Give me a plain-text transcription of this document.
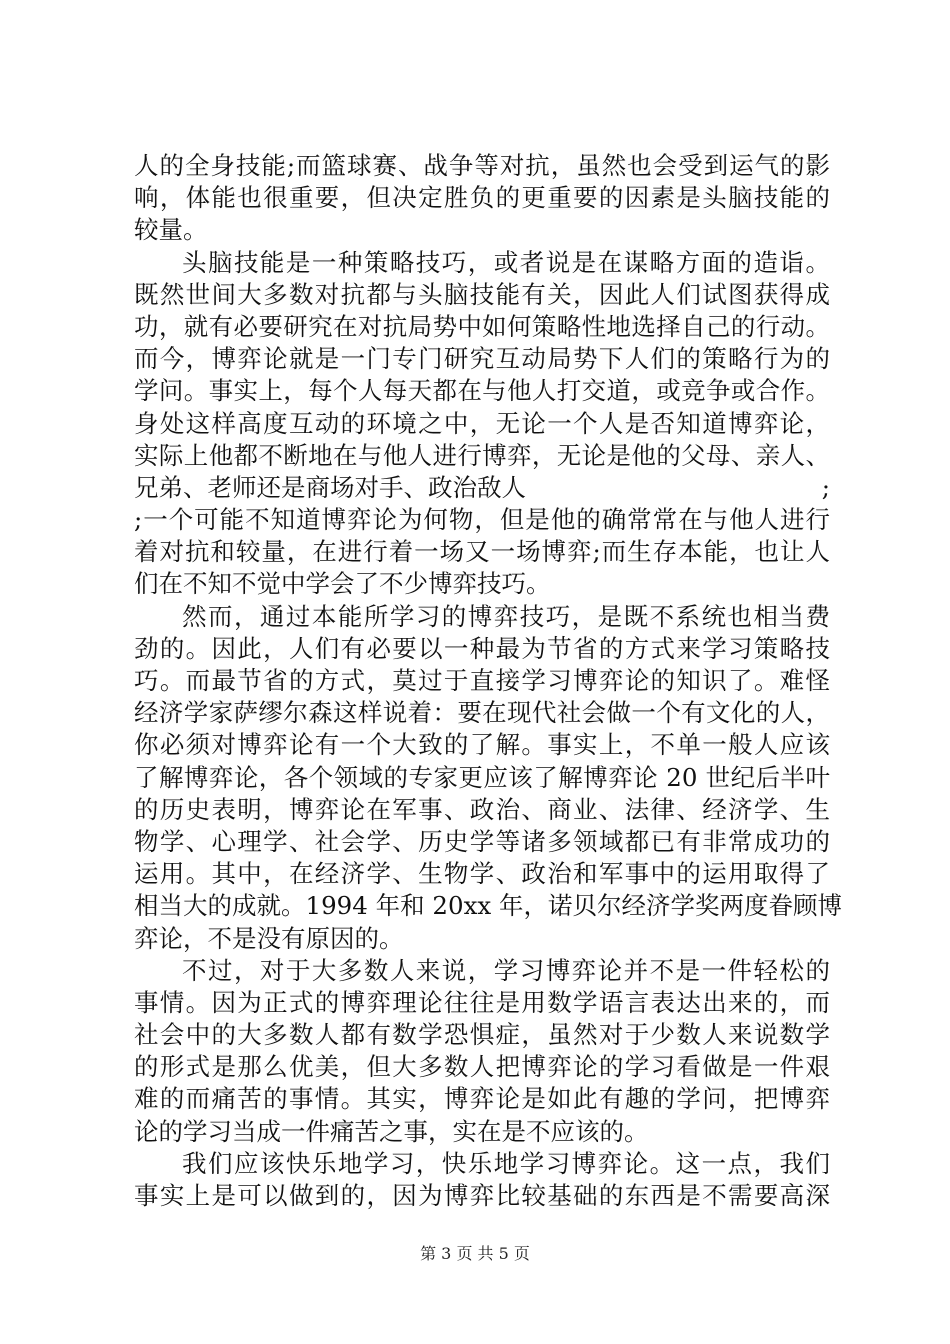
人的全身技能;而篮球赛、战争等对抗，虽然也会受到运气的影
响，体能也很重要，但决定胜负的更重要的因素是头脑技能的
较量。
头脑技能是一种策略技巧，或者说是在谋略方面的造诣。
既然世间大多数对抗都与头脑技能有关，因此人们试图获得成
功，就有必要研究在对抗局势中如何策略性地选择自己的行动。
而今，博弈论就是一门专门研究互动局势下人们的策略行为的
学问。事实上，每个人每天都在与他人打交道，或竞争或合作。
身处这样高度互动的环境之中，无论一个人是否知道博弈论，
实际上他都不断地在与他人进行博弈，无论是他的父母、亲人、
兄弟、老师还是商场对手、政治敌人	;
;一个可能不知道博弈论为何物，但是他的确常常在与他人进行
着对抗和较量，在进行着一场又一场博弈;而生存本能，也让人
们在不知不觉中学会了不少博弈技巧。
然而，通过本能所学习的博弈技巧，是既不系统也相当费
劲的。因此，人们有必要以一种最为节省的方式来学习策略技
巧。而最节省的方式，莫过于直接学习博弈论的知识了。难怪
经济学家萨缪尔森这样说着：要在现代社会做一个有文化的人，
你必须对博弈论有一个大致的了解。事实上，不单一般人应该
了解博弈论，各个领域的专家更应该了解博弈论 20 世纪后半叶
的历史表明，博弈论在军事、政治、商业、法律、经济学、生
物学、心理学、社会学、历史学等诸多领域都已有非常成功的
运用。其中，在经济学、生物学、政治和军事中的运用取得了
相当大的成就。1994 年和 20xx 年，诺贝尔经济学奖两度眷顾博
弈论，不是没有原因的。
不过，对于大多数人来说，学习博弈论并不是一件轻松的
事情。因为正式的博弈理论往往是用数学语言表达出来的，而
社会中的大多数人都有数学恐惧症，虽然对于少数人来说数学
的形式是那么优美，但大多数人把博弈论的学习看做是一件艰
难的而痛苦的事情。其实，博弈论是如此有趣的学问，把博弈
论的学习当成一件痛苦之事，实在是不应该的。
我们应该快乐地学习，快乐地学习博弈论。这一点，我们
事实上是可以做到的，因为博弈比较基础的东西是不需要高深
第 3 页 共 5 页
